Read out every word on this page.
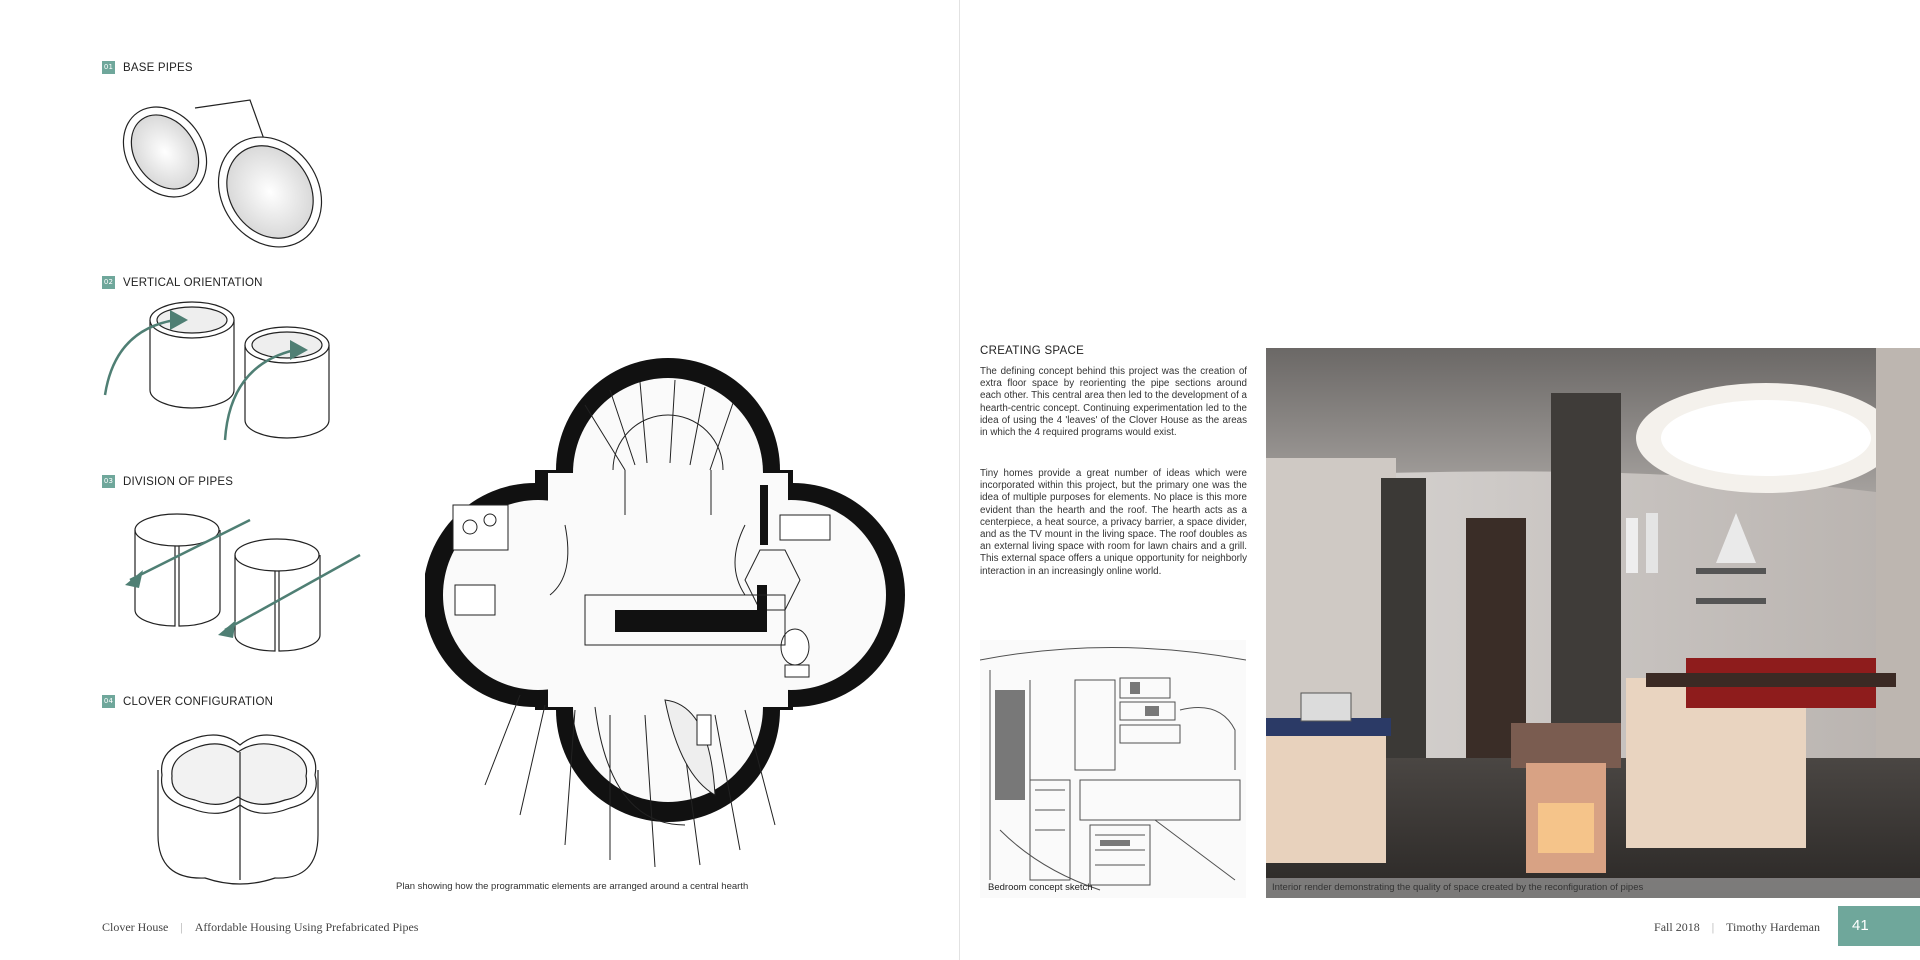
01 BASE PIPES
02 VERTICAL ORIENTATION
03 DIVISION OF PIPES
04 CLOVER CONFIGURATION
Plan showing how the programmatic elements are arranged around a central hearth
CREATING SPACE

The defining concept behind this project was the creation of extra floor space by reorienting the pipe sections around each other. This central area then led to the development of a hearth-centric concept. Continuing experimentation led to the idea of using the 4 'leaves' of the Clover House as the areas in which the 4 required programs would exist.

Tiny homes provide a great number of ideas which were incorporated within this project, but the primary one was the idea of multiple purposes for elements. No place is this more evident than the hearth and the roof. The hearth acts as a centerpiece, a heat source, a privacy barrier, a space divider, and as the TV mount in the living space. The roof doubles as an external living space with room for lawn chairs and a grill. This external space offers a unique opportunity for neighborly interaction in an increasingly online world.

Bedroom concept sketch	Interior render demonstrating the quality of space created by the reconfiguration of pipes
Clover House | Affordable Housing Using Prefabricated Pipes	Fall 2018 | Timothy Hardeman	41
